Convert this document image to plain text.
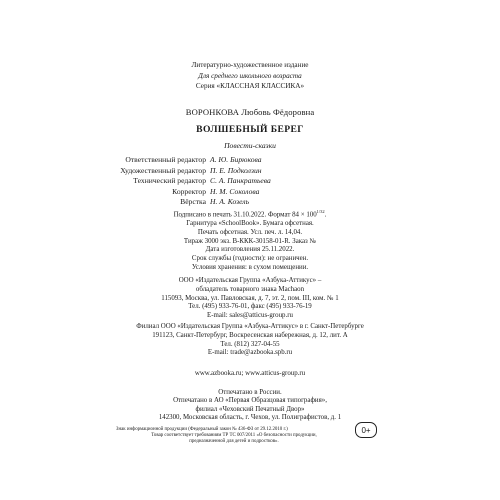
Литературно-художественное издание
Для среднего школьного возраста
Серия «КЛАССНАЯ КЛАССИКА»
ВОРОНКОВА Любовь Фёдоровна
ВОЛШЕБНЫЙ БЕРЕГ
Повести-сказки
Ответственный редактор А. Ю. Бирюкова
Художественный редактор П. Е. Подколзин
Технический редактор С. А. Панкратьева
Корректор Н. М. Соколова
Вёрстка Н. А. Козель
Подписано в печать 31.10.2022. Формат $84 \times 100^{1/32}$.
Гарнитура «SchoolBook». Бумага офсетная.
Печать офсетная. Усл. печ. л. 14,04.
Тираж 3000 экз. В-ККК-30158-01-R. Заказ №
Дата изготовления 25.11.2022.
Срок службы (годности): не ограничен.
Условия хранения: в сухом помещении.
ООО «Издательская Группа «Азбука-Аттикус» –
обладатель товарного знака Machaon
115093, Москва, ул. Павловская, д. 7, эт. 2, пом. III, ком. № 1
Тел. (495) 933-76-01, факс (495) 933-76-19
E-mail: sales@atticus-group.ru
Филиал ООО «Издательская Группа «Азбука-Аттикус» в г. Санкт-Петербурге
191123, Санкт-Петербург, Воскресенская набережная, д. 12, лит. А
Тел. (812) 327-04-55
E-mail: trade@azbooka.spb.ru
www.azbooka.ru; www.atticus-group.ru
Отпечатано в России.
Отпечатано в АО «Первая Образцовая типография»,
филиал «Чеховский Печатный Двор»
142300, Московская область, г. Чехов, ул. Полиграфистов, д. 1
Знак информационной продукции (Федеральный закон № 436-ФЗ от 29.12.2010 г.)
Товар соответствует требованиям ТР ТС 007/2011 «О безопасности продукции,
предназначенной для детей и подростков».
0+
